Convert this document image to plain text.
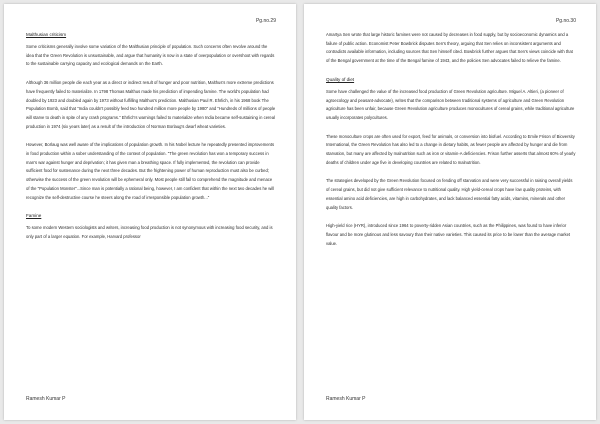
Pg.no.29

Malthusian criticism

Some criticisms generally involve some variation of the Malthusian principle of population. Such concerns often revolve around the idea that the Green Revolution is unsustainable, and argue that humanity is now in a state of overpopulation or overshoot with regards to the sustainable carrying capacity and ecological demands on the Earth.

Although 36 million people die each year as a direct or indirect result of hunger and poor nutrition, Malthus's more extreme predictions have frequently failed to materialize. In 1798 Thomas Malthus made his prediction of impending famine. The world's population had doubled by 1923 and doubled again by 1973 without fulfilling Malthus's prediction. Malthusian Paul R. Ehrlich, in his 1968 book The Population Bomb, said that "India couldn't possibly feed two hundred million more people by 1980" and "Hundreds of millions of people will starve to death in spite of any crash programs." Ehrlich's warnings failed to materialize when India became self-sustaining in cereal production in 1974 (six years later) as a result of the introduction of Norman Borlaug's dwarf wheat varieties.

However, Borlaug was well aware of the implications of population growth. In his Nobel lecture he repeatedly presented improvements in food production within a sober understanding of the context of population. "The green revolution has won a temporary success in man's war against hunger and deprivation; it has given man a breathing space. If fully implemented, the revolution can provide sufficient food for sustenance during the next three decades. But the frightening power of human reproduction must also be curbed; otherwise the success of the green revolution will be ephemeral only. Most people still fail to comprehend the magnitude and menace of the "Population Monster"...Since man is potentially a rational being, however, I am confident that within the next two decades he will recognize the self-destructive course he steers along the road of irresponsible population growth..."

Famine

To some modern Western sociologists and writers, increasing food production is not synonymous with increasing food security, and is only part of a larger equation. For example, Harvard professor

Ramesh Kumar P
Pg.no.30

Amartya Sen wrote that large historic famines were not caused by decreases in food supply, but by socioeconomic dynamics and a failure of public action. Economist Peter Bowbrick disputes Sen's theory, arguing that Sen relies on inconsistent arguments and contradicts available information, including sources that Sen himself cited. Bowbrick further argues that Sen's views coincide with that of the Bengal government at the time of the Bengal famine of 1943, and the policies Sen advocates failed to relieve the famine.

Quality of diet

Some have challenged the value of the increased food production of Green Revolution agriculture. Miguel A. Altieri, (a pioneer of agroecology and peasant-advocate), writes that the comparison between traditional systems of agriculture and Green Revolution agriculture has been unfair, because Green Revolution agriculture produces monocultures of cereal grains, while traditional agriculture usually incorporates polycultures.

These monoculture crops are often used for export, feed for animals, or conversion into biofuel. According to Emile Frison of Bioversity International, the Green Revolution has also led to a change in dietary habits, as fewer people are affected by hunger and die from starvation, but many are affected by malnutrition such as iron or vitamin-A deficiencies. Frison further asserts that almost 60% of yearly deaths of children under age five in developing countries are related to malnutrition.

The strategies developed by the Green Revolution focused on fending off starvation and were very successful in raising overall yields of cereal grains, but did not give sufficient relevance to nutritional quality. High yield-cereal crops have low quality proteins, with essential amino acid deficiencies, are high in carbohydrates, and lack balanced essential fatty acids, vitamins, minerals and other quality factors.

High-yield rice (HYR), introduced since 1964 to poverty-ridden Asian countries, such as the Philippines, was found to have inferior flavour and be more glutinous and less savoury than their native varieties. This caused its price to be lower than the average market value.

Ramesh Kumar P
